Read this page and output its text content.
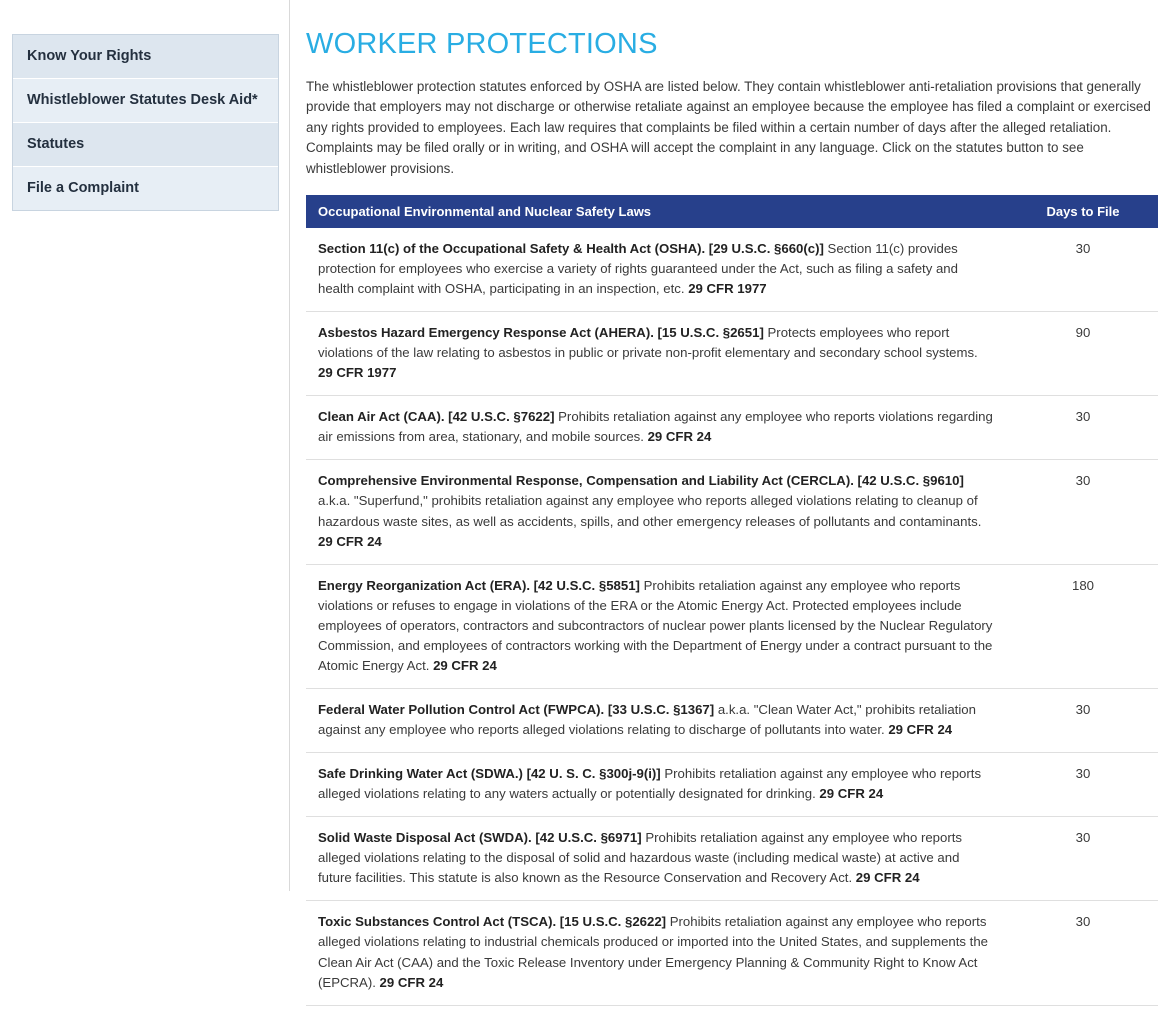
Know Your Rights
Whistleblower Statutes Desk Aid*
Statutes
File a Complaint
WORKER PROTECTIONS

The whistleblower protection statutes enforced by OSHA are listed below. They contain whistleblower anti-retaliation provisions that generally provide that employers may not discharge or otherwise retaliate against an employee because the employee has filed a complaint or exercised any rights provided to employees. Each law requires that complaints be filed within a certain number of days after the alleged retaliation. Complaints may be filed orally or in writing, and OSHA will accept the complaint in any language. Click on the statutes button to see whistleblower provisions.

Occupational Environmental and Nuclear Safety Laws	Days to File
Section 11(c) of the Occupational Safety & Health Act (OSHA). [29 U.S.C. §660(c)] Section 11(c) provides protection for employees who exercise a variety of rights guaranteed under the Act, such as filing a safety and health complaint with OSHA, participating in an inspection, etc. 29 CFR 1977	30
Asbestos Hazard Emergency Response Act (AHERA). [15 U.S.C. §2651] Protects employees who report violations of the law relating to asbestos in public or private non-profit elementary and secondary school systems. 29 CFR 1977	90
Clean Air Act (CAA). [42 U.S.C. §7622] Prohibits retaliation against any employee who reports violations regarding air emissions from area, stationary, and mobile sources. 29 CFR 24	30
Comprehensive Environmental Response, Compensation and Liability Act (CERCLA). [42 U.S.C. §9610] a.k.a. "Superfund," prohibits retaliation against any employee who reports alleged violations relating to cleanup of hazardous waste sites, as well as accidents, spills, and other emergency releases of pollutants and contaminants. 29 CFR 24	30
Energy Reorganization Act (ERA). [42 U.S.C. §5851] Prohibits retaliation against any employee who reports violations or refuses to engage in violations of the ERA or the Atomic Energy Act. Protected employees include employees of operators, contractors and subcontractors of nuclear power plants licensed by the Nuclear Regulatory Commission, and employees of contractors working with the Department of Energy under a contract pursuant to the Atomic Energy Act. 29 CFR 24	180
Federal Water Pollution Control Act (FWPCA). [33 U.S.C. §1367] a.k.a. "Clean Water Act," prohibits retaliation against any employee who reports alleged violations relating to discharge of pollutants into water. 29 CFR 24	30
Safe Drinking Water Act (SDWA.) [42 U. S. C. §300j-9(i)] Prohibits retaliation against any employee who reports alleged violations relating to any waters actually or potentially designated for drinking. 29 CFR 24	30
Solid Waste Disposal Act (SWDA). [42 U.S.C. §6971] Prohibits retaliation against any employee who reports alleged violations relating to the disposal of solid and hazardous waste (including medical waste) at active and future facilities. This statute is also known as the Resource Conservation and Recovery Act. 29 CFR 24	30
Toxic Substances Control Act (TSCA). [15 U.S.C. §2622] Prohibits retaliation against any employee who reports alleged violations relating to industrial chemicals produced or imported into the United States, and supplements the Clean Air Act (CAA) and the Toxic Release Inventory under Emergency Planning & Community Right to Know Act (EPCRA). 29 CFR 24	30
